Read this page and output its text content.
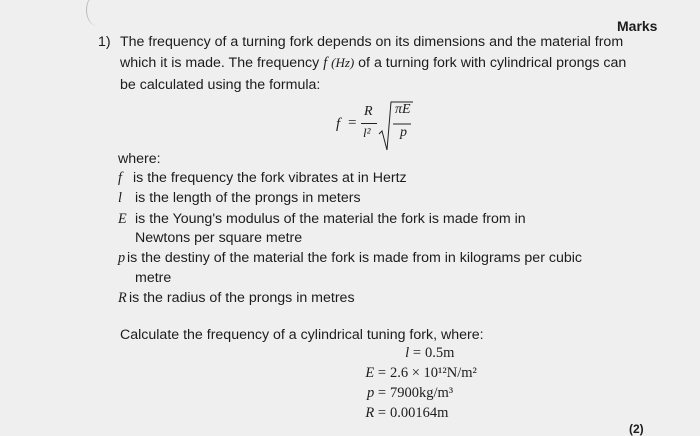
Marks
1) The frequency of a turning fork depends on its dimensions and the material from
which it is made. The frequency f (Hz) of a turning fork with cylindrical prongs can
be calculated using the formula:
f =
R
l²
πE
p
where:
f is the frequency the fork vibrates at in Hertz
l is the length of the prongs in meters
E is the Young's modulus of the material the fork is made from in
Newtons per square metre
p is the destiny of the material the fork is made from in kilograms per cubic
metre
R is the radius of the prongs in metres
Calculate the frequency of a cylindrical tuning fork, where:
l = 0.5m
E = 2.6 × 10¹²N/m²
p = 7900kg/m³
R = 0.00164m
(2)
